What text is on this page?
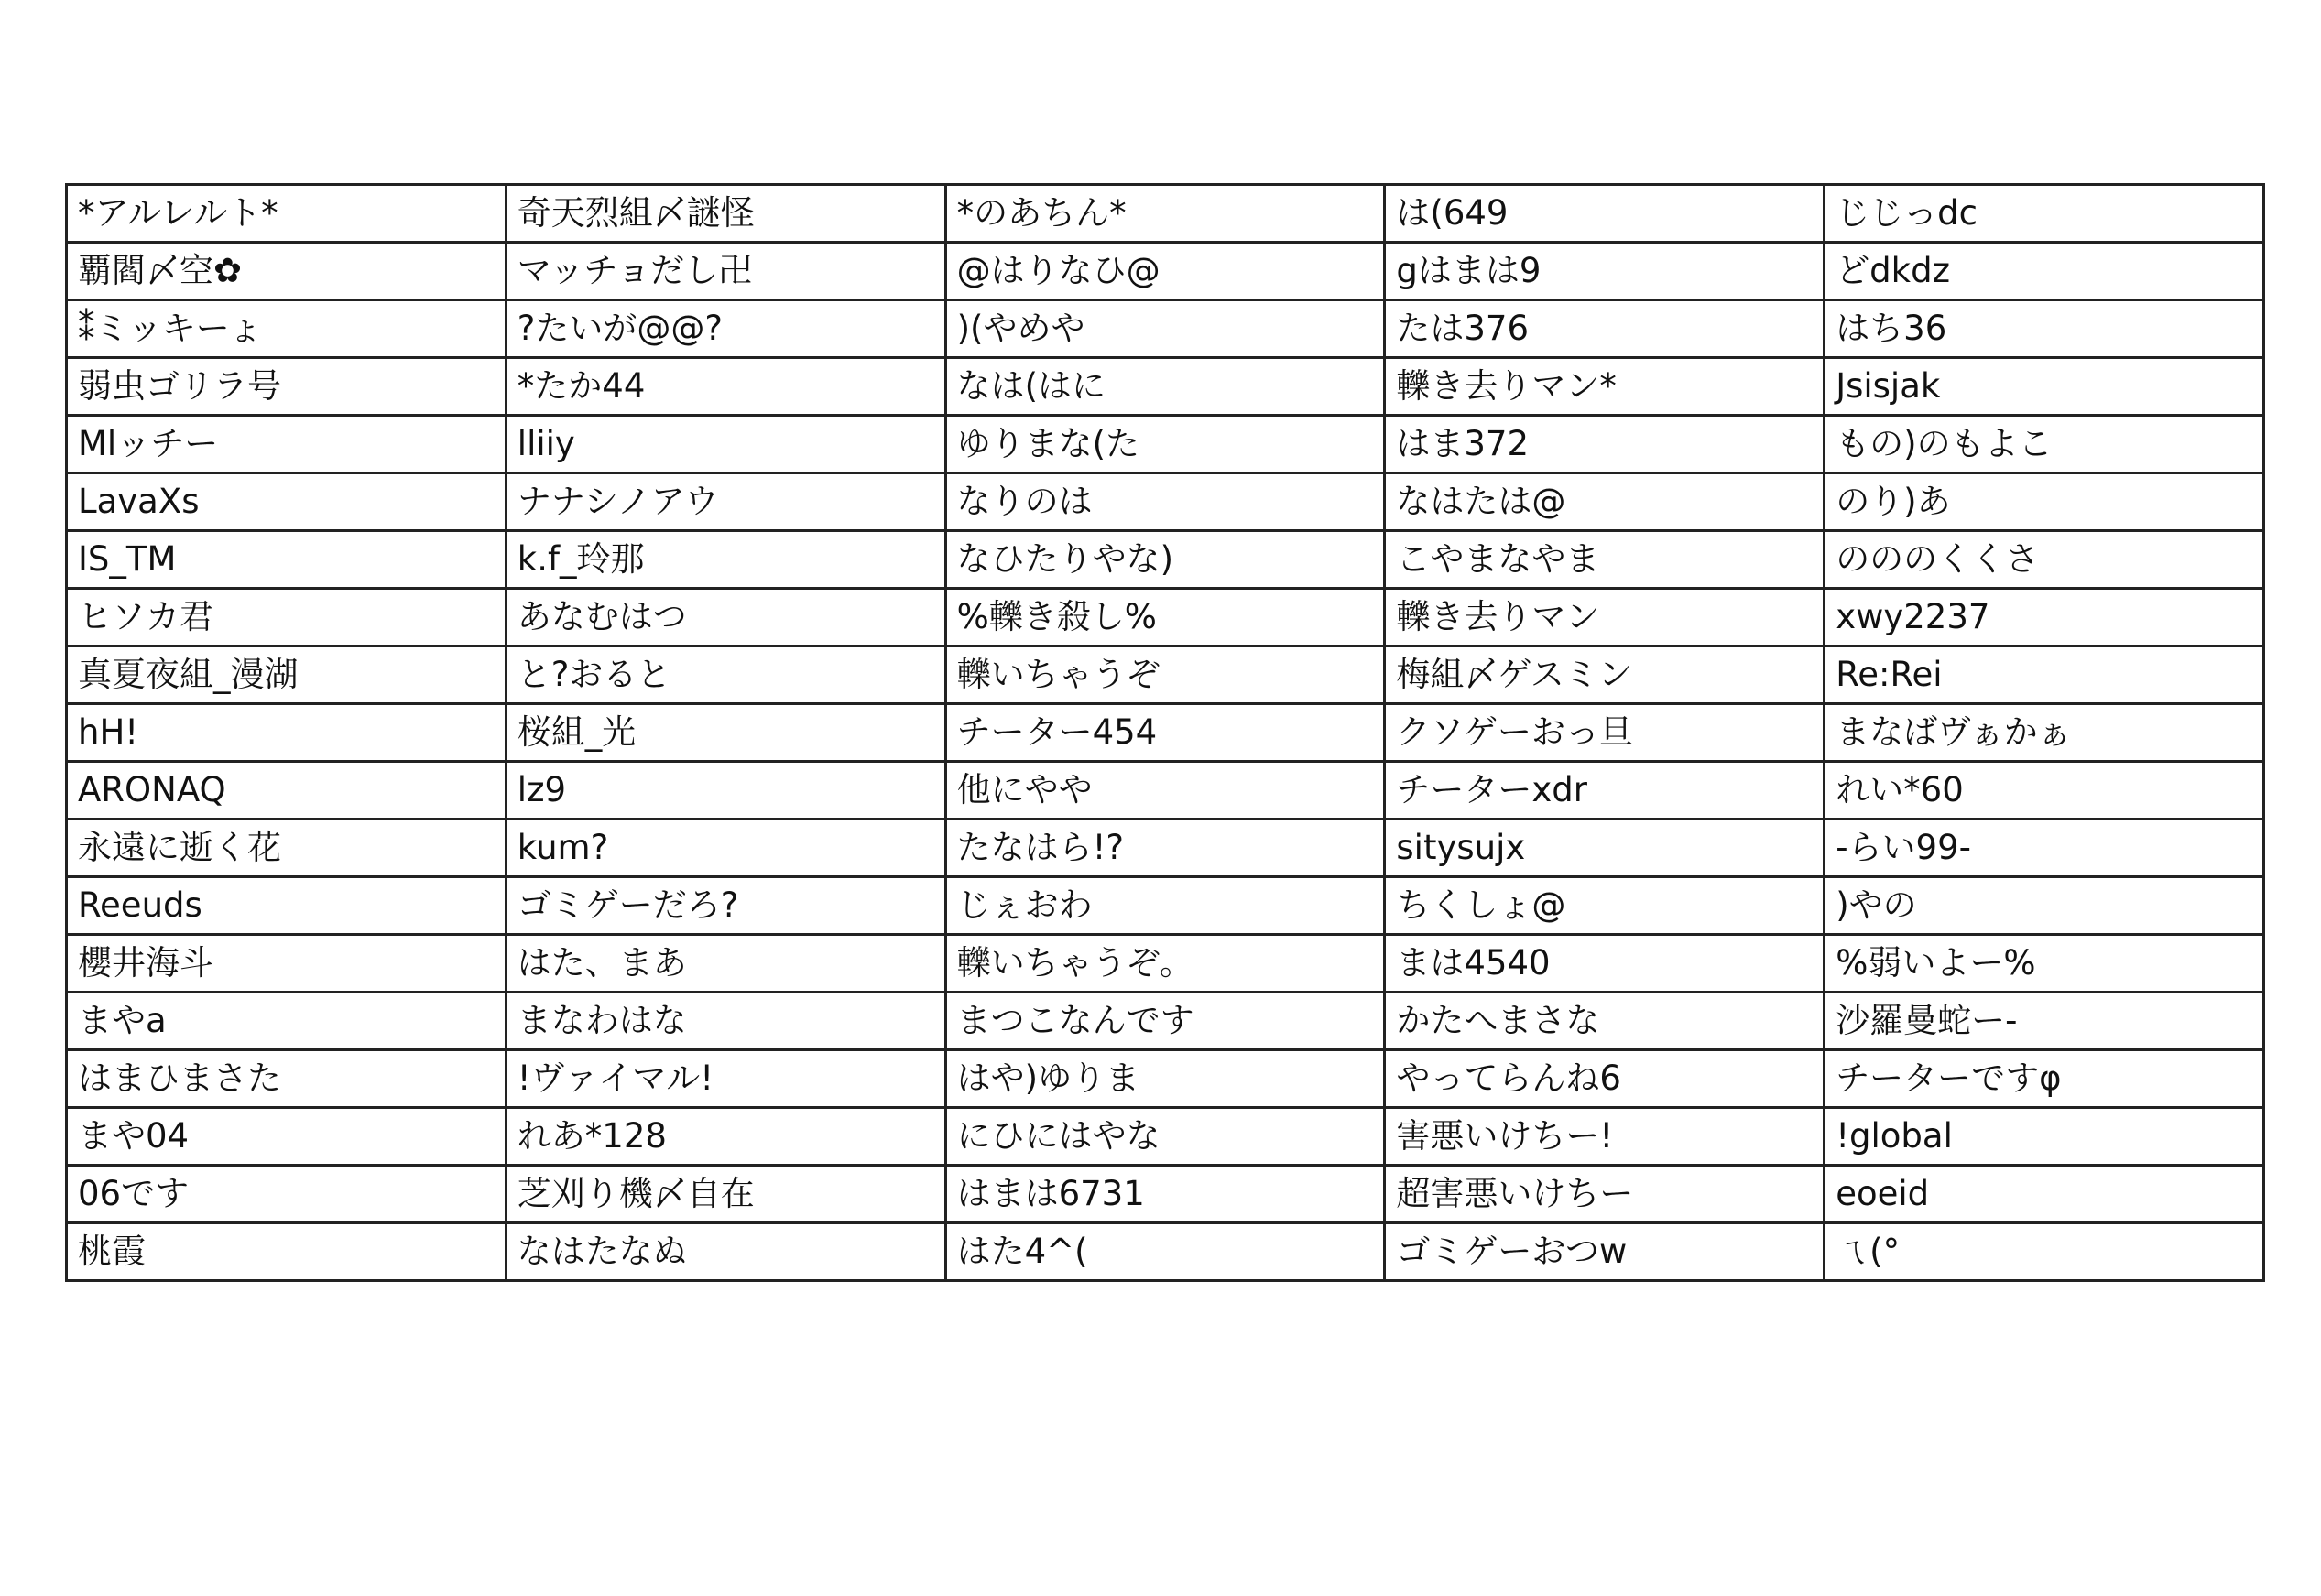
*アルレルト*	奇天烈組〆謎怪	*のあちん*	は(649	じじっdc
覇閻〆空✿	マッチョだし卍	@はりなひ@	gはまは9	どdkdz
⁑ミッキーょ	?たいが@@?	)(やめや	たは376	はち36
弱虫ゴリラ号	*たか44	なは(はに	轢き去りマン*	Jsisjak
Mlッチー	lliiy	ゆりまな(た	はま372	もの)のもよこ
LavaXs	ナナシノアウ	なりのは	なはたは@	のり)あ
IS_TM	k.f_玲那	なひたりやな)	こやまなやま	のののくくさ
ヒソカ君	あなむはつ	%轢き殺し%	轢き去りマン	xwy2237
真夏夜組_漫湖	と?おると	轢いちゃうぞ	梅組〆ゲスミン	Re:Rei
hH!	桜組_光	チーター454	クソゲーおっ旦	まなばヴぁかぁ
ARONAQ	lz9	他にやや	チーターxdr	れい*60
永遠に逝く花	kum?	たなはら!?	sitysujx	-らい99-
Reeuds	ゴミゲーだろ?	じぇおわ	ちくしょ@	)やの
櫻井海斗	はた、まあ	轢いちゃうぞ。	まは4540	%弱いよー%
まやa	まなわはな	まつこなんです	かたへまさな	沙羅曼蛇ー-
はまひまさた	!ヴァイマル!	はや)ゆりま	やってらんね6	チーターですφ
まや04	れあ*128	にひにはやな	害悪いけちー!	!global
06です	芝刈り機〆自在	はまは6731	超害悪いけちー	eoeid
桃霞	なはたなぬ	はた4^(	ゴミゲーおつw	ㄟ(°
